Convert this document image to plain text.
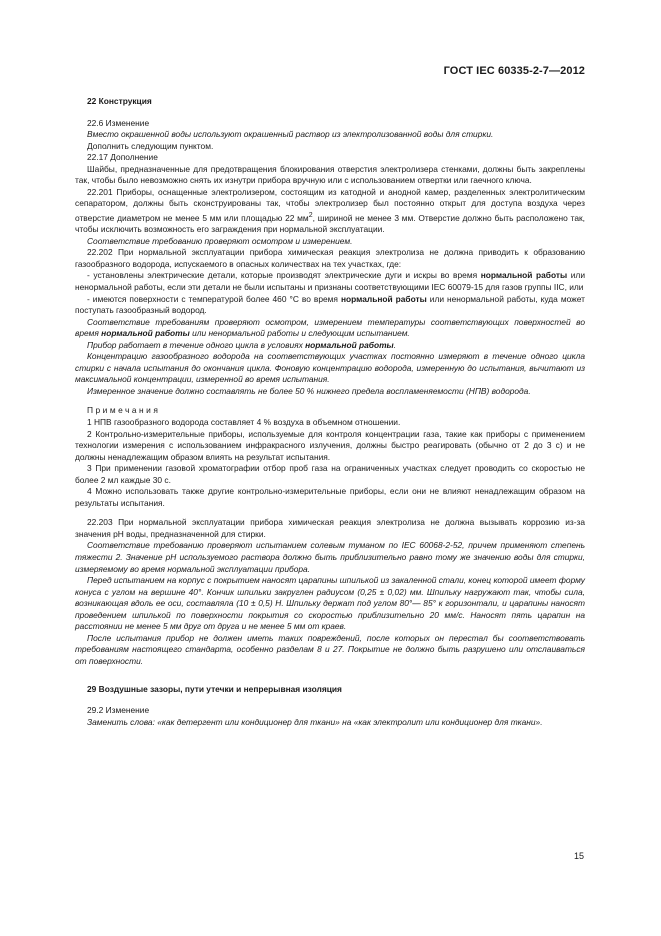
ГОСТ IEC 60335-2-7—2012

22 Конструкция

22.6 Изменение

Вместо окрашенной воды используют окрашенный раствор из электролизованной воды для стирки.

Дополнить следующим пунктом.

22.17 Дополнение

Шайбы, предназначенные для предотвращения блокирования отверстия электролизера стенками, должны быть закреплены так, чтобы было невозможно снять их изнутри прибора вручную или с использованием отвертки или гаечного ключа.

22.201 Приборы, оснащенные электролизером, состоящим из катодной и анодной камер, разделенных электролитическим сепаратором, должны быть сконструированы так, чтобы электролизер был постоянно открыт для доступа воздуха через отверстие диаметром не менее 5 мм или площадью 22 $мм^2$, шириной не менее 3 мм. Отверстие должно быть расположено так, чтобы исключить возможность его заграждения при нормальной эксплуатации.

Соответствие требованию проверяют осмотром и измерением.

22.202 При нормальной эксплуатации прибора химическая реакция электролиза не должна приводить к образованию газообразного водорода, испускаемого в опасных количествах на тех участках, где:

- установлены электрические детали, которые производят электрические дуги и искры во время нормальной работы или ненормальной работы, если эти детали не были испытаны и признаны соответствующими IEC 60079-15 для газов группы IIC, или

- имеются поверхности с температурой более 460 °С во время нормальной работы или ненормальной работы, куда может поступать газообразный водород.

Соответствие требованиям проверяют осмотром, измерением температуры соответствующих поверхностей во время нормальной работы или ненормальной работы и следующим испытанием.

Прибор работает в течение одного цикла в условиях нормальной работы.

Концентрацию газообразного водорода на соответствующих участках постоянно измеряют в течение одного цикла стирки с начала испытания до окончания цикла. Фоновую концентрацию водорода, измеренную до испытания, вычитают из максимальной концентрации, измеренной во время испытания.

Измеренное значение должно составлять не более 50 % нижнего предела воспламеняемости (НПВ) водорода.

Примечания

1 НПВ газообразного водорода составляет 4 % воздуха в объемном отношении.

2 Контрольно-измерительные приборы, используемые для контроля концентрации газа, такие как приборы с применением технологии измерения с использованием инфракрасного излучения, должны быстро реагировать (обычно от 2 до 3 с) и не должны ненадлежащим образом влиять на результат испытания.

3 При применении газовой хроматографии отбор проб газа на ограниченных участках следует проводить со скоростью не более 2 мл каждые 30 с.

4 Можно использовать также другие контрольно-измерительные приборы, если они не влияют ненадлежащим образом на результаты испытания.

22.203 При нормальной эксплуатации прибора химическая реакция электролиза не должна вызывать коррозию из-за значения pH воды, предназначенной для стирки.

Соответствие требованию проверяют испытанием солевым туманом по IEC 60068-2-52, причем применяют степень тяжести 2. Значение pH используемого раствора должно быть приблизительно равно тому же значению воды для стирки, измеряемому во время нормальной эксплуатации прибора.

Перед испытанием на корпус с покрытием наносят царапины шпилькой из закаленной стали, конец которой имеет форму конуса с углом на вершине 40°. Кончик шпильки закруглен радиусом (0,25 ± 0,02) мм. Шпильку нагружают так, чтобы сила, возникающая вдоль ее оси, составляла (10 ± 0,5) Н. Шпильку держат под углом 80°— 85° к горизонтали, и царапины наносят проведением шпилькой по поверхности покрытия со скоростью приблизительно 20 мм/с. Наносят пять царапин на расстоянии не менее 5 мм друг от друга и не менее 5 мм от краев.

После испытания прибор не должен иметь таких повреждений, после которых он перестал бы соответствовать требованиям настоящего стандарта, особенно разделам 8 и 27. Покрытие не должно быть разрушено или отслаиваться от поверхности.

29 Воздушные зазоры, пути утечки и непрерывная изоляция

29.2 Изменение

Заменить слова: «как детергент или кондиционер для ткани» на «как электролит или кондиционер для ткани».

15
